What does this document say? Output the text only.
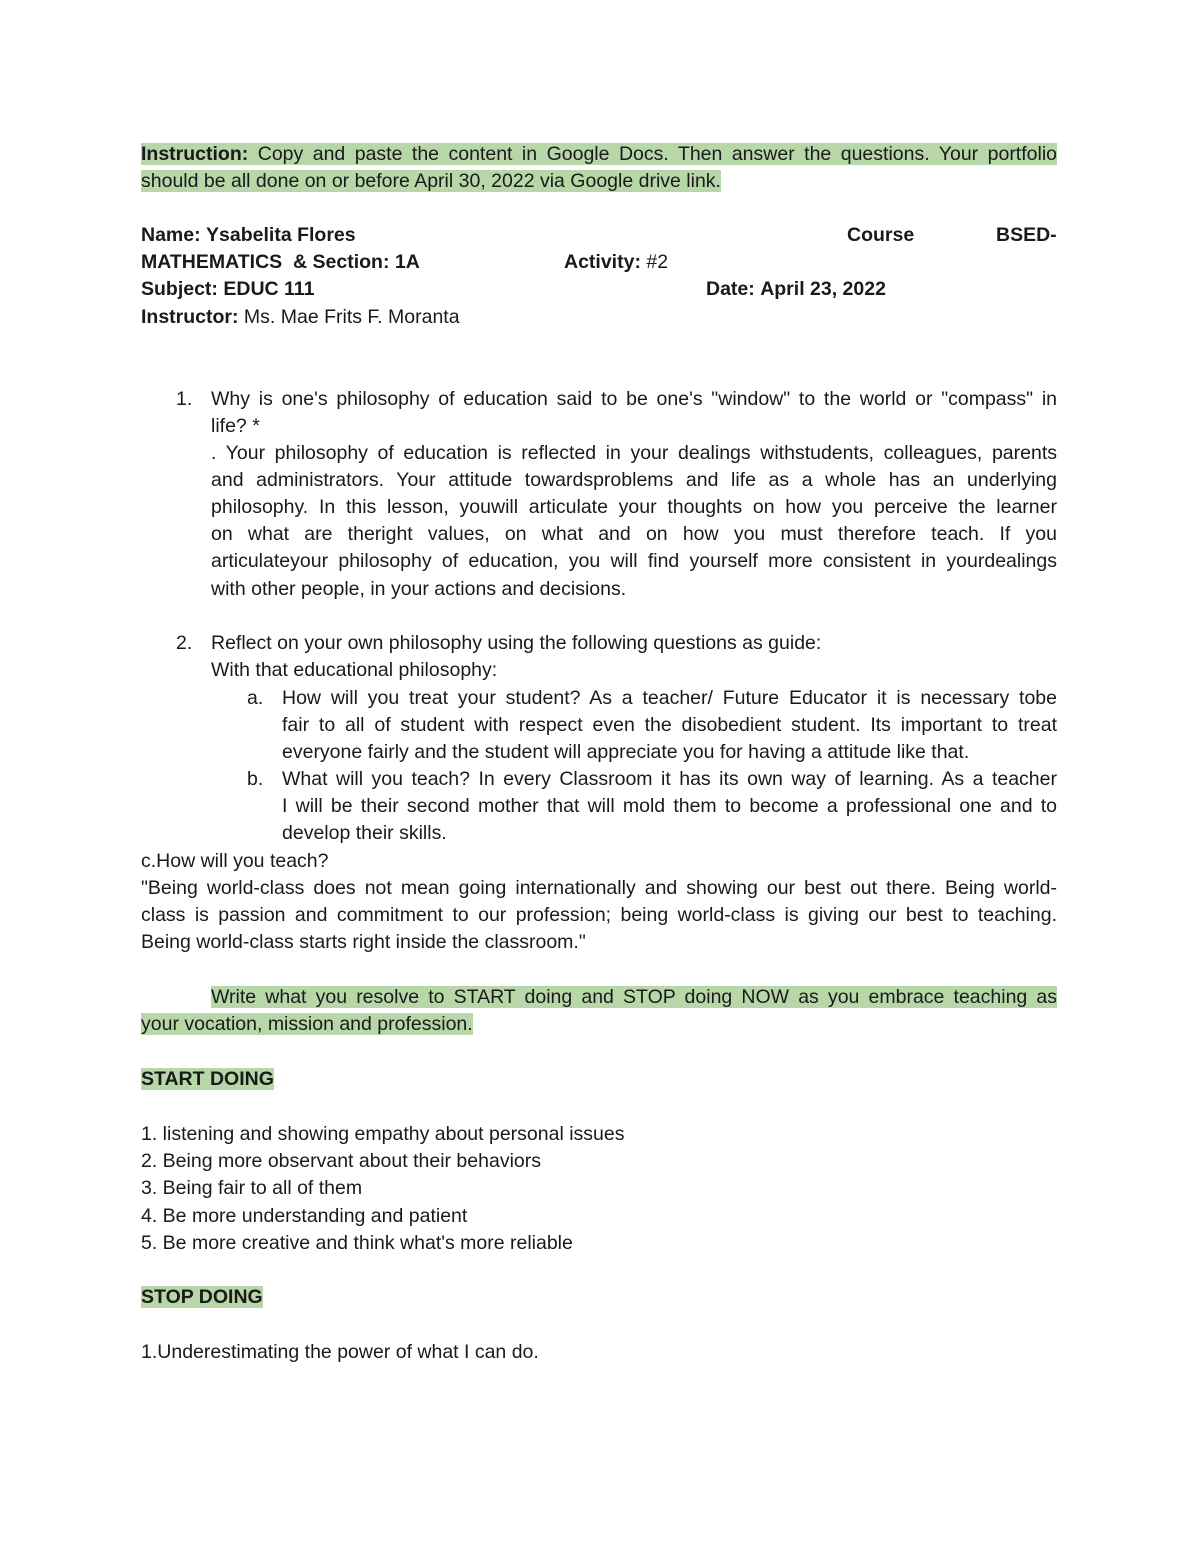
Instruction: Copy and paste the content in Google Docs. Then answer the questions. Your portfolio
should be all done on or before April 30, 2022 via Google drive link.
Name: Ysabelita Flores	Course	BSED-
MATHEMATICS & Section: 1A	Activity: #2
Subject: EDUC 111	Date: April 23, 2022
Instructor: Ms. Mae Frits F. Moranta
1. Why is one's philosophy of education said to be one's "window" to the world or "compass" in
life? *
. Your philosophy of education is reflected in your dealings withstudents, colleagues, parents
and administrators. Your attitude towardsproblems and life as a whole has an underlying
philosophy. In this lesson, youwill articulate your thoughts on how you perceive the learner
on what are theright values, on what and on how you must therefore teach. If you
articulateyour philosophy of education, you will find yourself more consistent in yourdealings
with other people, in your actions and decisions.
2. Reflect on your own philosophy using the following questions as guide:
With that educational philosophy:
a. How will you treat your student? As a teacher/ Future Educator it is necessary tobe
fair to all of student with respect even the disobedient student. Its important to treat
everyone fairly and the student will appreciate you for having a attitude like that.
b. What will you teach? In every Classroom it has its own way of learning. As a teacher
I will be their second mother that will mold them to become a professional one and to
develop their skills.
c.How will you teach?
"Being world-class does not mean going internationally and showing our best out there. Being world-
class is passion and commitment to our profession; being world-class is giving our best to teaching.
Being world-class starts right inside the classroom."
Write what you resolve to START doing and STOP doing NOW as you embrace teaching as
your vocation, mission and profession.
START DOING
1. listening and showing empathy about personal issues
2. Being more observant about their behaviors
3. Being fair to all of them
4. Be more understanding and patient
5. Be more creative and think what's more reliable
STOP DOING
1.Underestimating the power of what I can do.
